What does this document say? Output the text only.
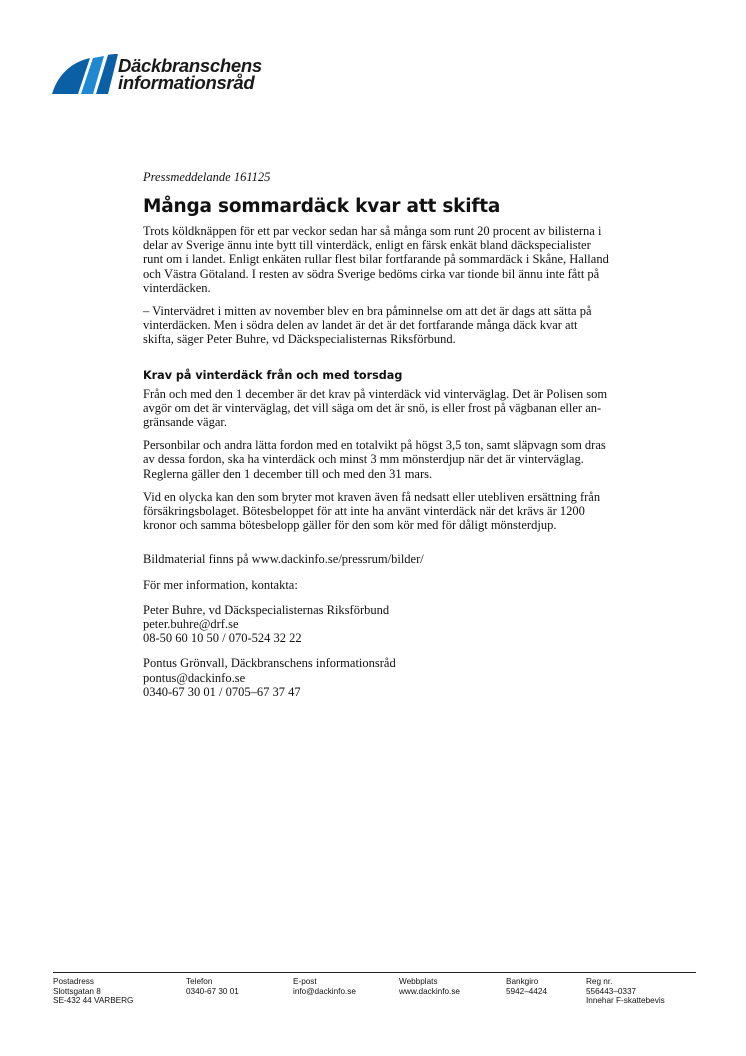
Däckbranschens
informationsråd

Pressmeddelande 161125

Många sommardäck kvar att skifta

Trots köldknäppen för ett par veckor sedan har så många som runt 20 procent av bilisterna i
delar av Sverige ännu inte bytt till vinterdäck, enligt en färsk enkät bland däckspecialister
runt om i landet. Enligt enkäten rullar flest bilar fortfarande på sommardäck i Skåne, Halland
och Västra Götaland. I resten av södra Sverige bedöms cirka var tionde bil ännu inte fått på
vinterdäcken.

– Vintervädret i mitten av november blev en bra påminnelse om att det är dags att sätta på
vinterdäcken. Men i södra delen av landet är det är det fortfarande många däck kvar att
skifta, säger Peter Buhre, vd Däckspecialisternas Riksförbund.

Krav på vinterdäck från och med torsdag

Från och med den 1 december är det krav på vinterdäck vid vinterväglag. Det är Polisen som
avgör om det är vinterväglag, det vill säga om det är snö, is eller frost på vägbanan eller an-
gränsande vägar.

Personbilar och andra lätta fordon med en totalvikt på högst 3,5 ton, samt släpvagn som dras
av dessa fordon, ska ha vinterdäck och minst 3 mm mönsterdjup när det är vinterväglag.
Reglerna gäller den 1 december till och med den 31 mars.

Vid en olycka kan den som bryter mot kraven även få nedsatt eller utebliven ersättning från
försäkringsbolaget. Bötesbeloppet för att inte ha använt vinterdäck när det krävs är 1200
kronor och samma bötesbelopp gäller för den som kör med för dåligt mönsterdjup.

Bildmaterial finns på www.dackinfo.se/pressrum/bilder/

För mer information, kontakta:

Peter Buhre, vd Däckspecialisternas Riksförbund
peter.buhre@drf.se
08-50 60 10 50 / 070-524 32 22

Pontus Grönvall, Däckbranschens informationsråd
pontus@dackinfo.se
0340-67 30 01 / 0705–67 37 47

Postadress
Slottsgatan 8
SE-432 44 VARBERG
Telefon
0340-67 30 01
E-post
info@dackinfo.se
Webbplats
www.dackinfo.se
Bankgiro
5942–4424
Reg nr.
556443–0337
Innehar F-skattebevis
